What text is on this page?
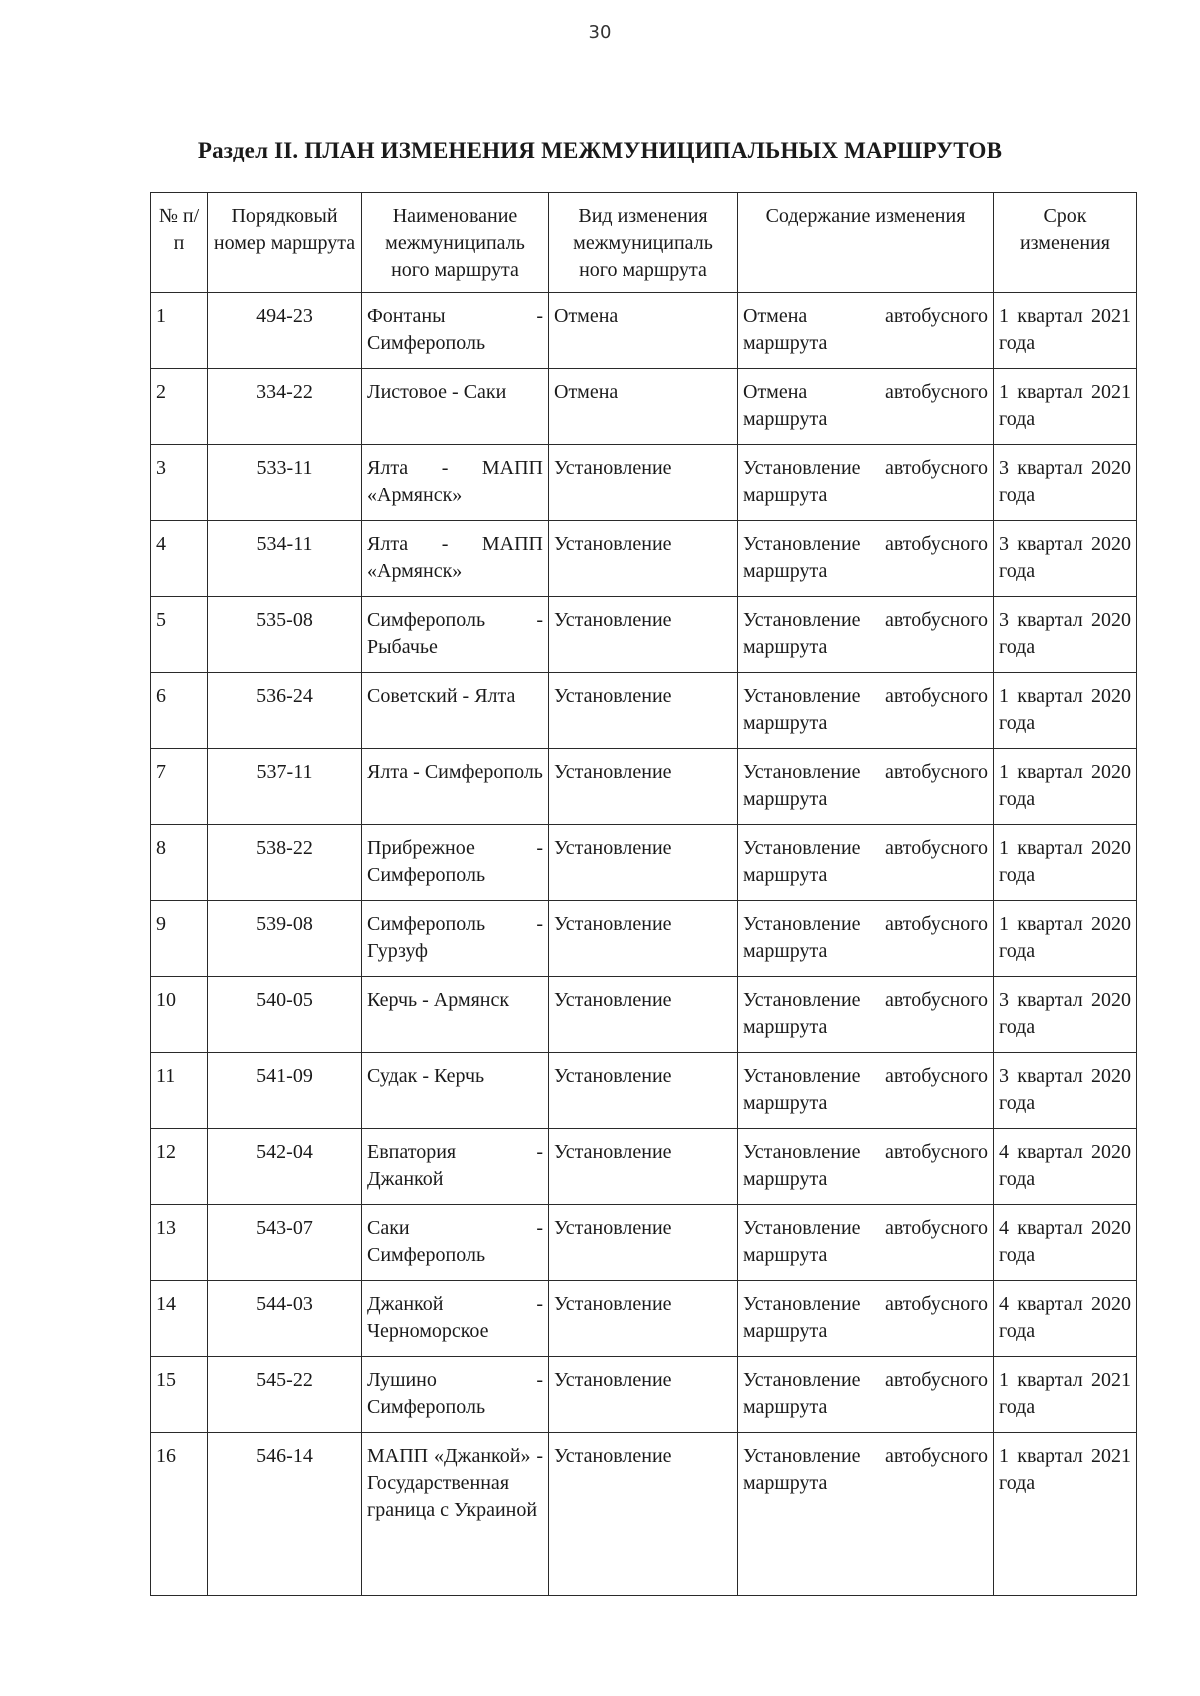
30
Раздел II. ПЛАН ИЗМЕНЕНИЯ МЕЖМУНИЦИПАЛЬНЫХ МАРШРУТОВ
№ п/п	Порядковый номер маршрута	Наименование межмуниципаль ного маршрута	Вид изменения межмуниципаль ного маршрута	Содержание изменения	Срок изменения
1	494-23	Фонтаны - Симферополь	Отмена	Отмена автобусного маршрута	1 квартал 2021 года
2	334-22	Листовое - Саки	Отмена	Отмена автобусного маршрута	1 квартал 2021 года
3	533-11	Ялта - МАПП «Армянск»	Установление	Установление автобусного маршрута	3 квартал 2020 года
4	534-11	Ялта - МАПП «Армянск»	Установление	Установление автобусного маршрута	3 квартал 2020 года
5	535-08	Симферополь - Рыбачье	Установление	Установление автобусного маршрута	3 квартал 2020 года
6	536-24	Советский - Ялта	Установление	Установление автобусного маршрута	1 квартал 2020 года
7	537-11	Ялта - Симферополь	Установление	Установление автобусного маршрута	1 квартал 2020 года
8	538-22	Прибрежное - Симферополь	Установление	Установление автобусного маршрута	1 квартал 2020 года
9	539-08	Симферополь - Гурзуф	Установление	Установление автобусного маршрута	1 квартал 2020 года
10	540-05	Керчь - Армянск	Установление	Установление автобусного маршрута	3 квартал 2020 года
11	541-09	Судак - Керчь	Установление	Установление автобусного маршрута	3 квартал 2020 года
12	542-04	Евпатория - Джанкой	Установление	Установление автобусного маршрута	4 квартал 2020 года
13	543-07	Саки - Симферополь	Установление	Установление автобусного маршрута	4 квартал 2020 года
14	544-03	Джанкой - Черноморское	Установление	Установление автобусного маршрута	4 квартал 2020 года
15	545-22	Лушино - Симферополь	Установление	Установление автобусного маршрута	1 квартал 2021 года
16	546-14	МАПП «Джанкой» - Государственная граница с Украиной	Установление	Установление автобусного маршрута	1 квартал 2021 года
